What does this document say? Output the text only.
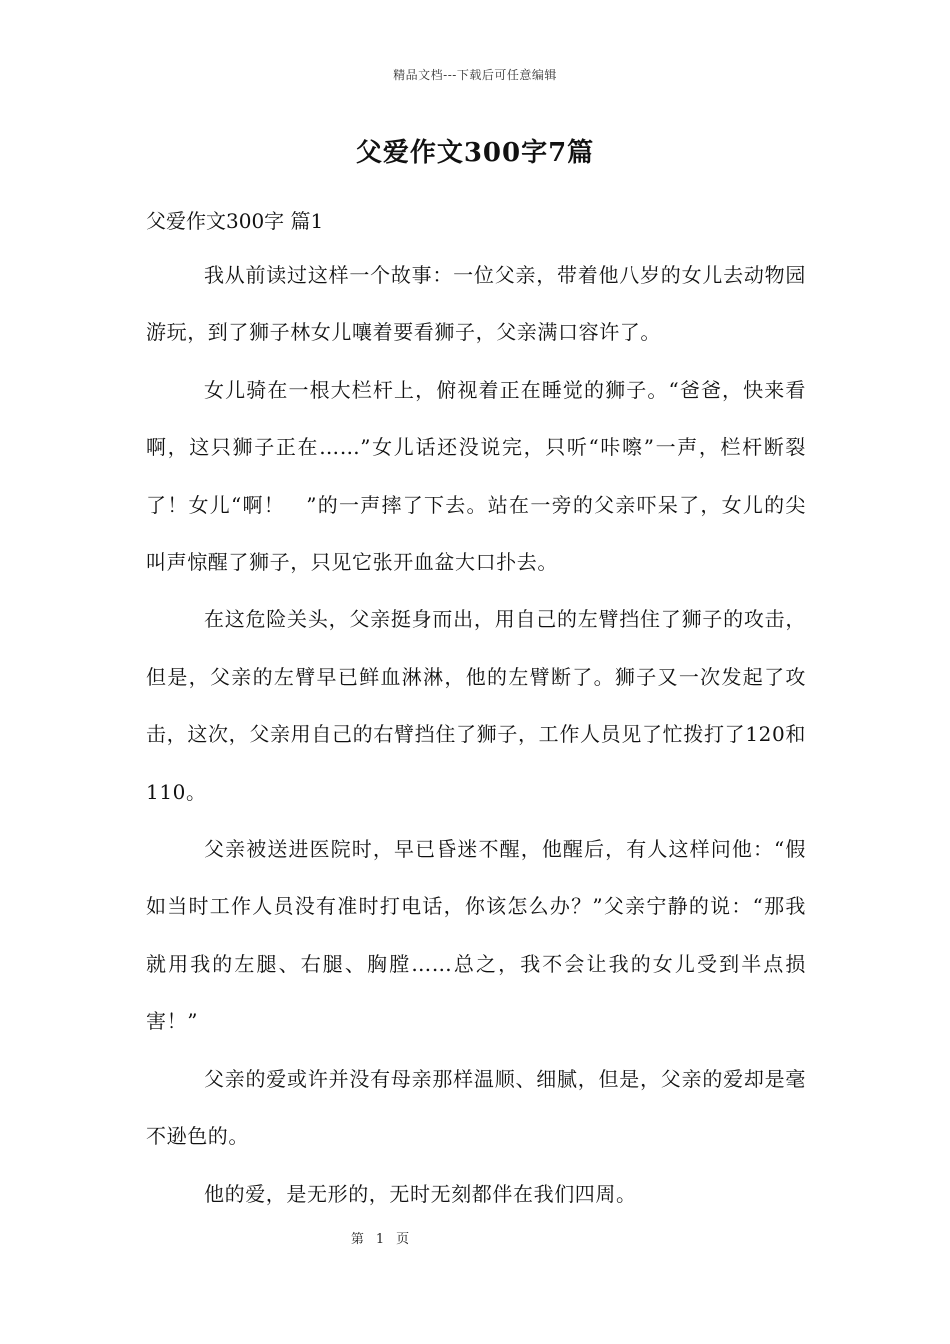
精品文档---下载后可任意编辑
父爱作文300字7篇
父爱作文300字 篇1

我从前读过这样一个故事：一位父亲，带着他八岁的女儿去动物园游玩，到了狮子林女儿嚷着要看狮子，父亲满口容许了。

女儿骑在一根大栏杆上，俯视着正在睡觉的狮子。“爸爸，快来看啊，这只狮子正在……”女儿话还没说完，只听“咔嚓”一声，栏杆断裂了！女儿“啊！　”的一声摔了下去。站在一旁的父亲吓呆了，女儿的尖叫声惊醒了狮子，只见它张开血盆大口扑去。

在这危险关头，父亲挺身而出，用自己的左臂挡住了狮子的攻击，但是，父亲的左臂早已鲜血淋淋，他的左臂断了。狮子又一次发起了攻击，这次，父亲用自己的右臂挡住了狮子，工作人员见了忙拨打了120和110。

父亲被送进医院时，早已昏迷不醒，他醒后，有人这样问他：“假如当时工作人员没有准时打电话，你该怎么办？”父亲宁静的说：“那我就用我的左腿、右腿、胸膛……总之，我不会让我的女儿受到半点损害！”

父亲的爱或许并没有母亲那样温顺、细腻，但是，父亲的爱却是毫不逊色的。

他的爱，是无形的，无时无刻都伴在我们四周。

第 1 页
